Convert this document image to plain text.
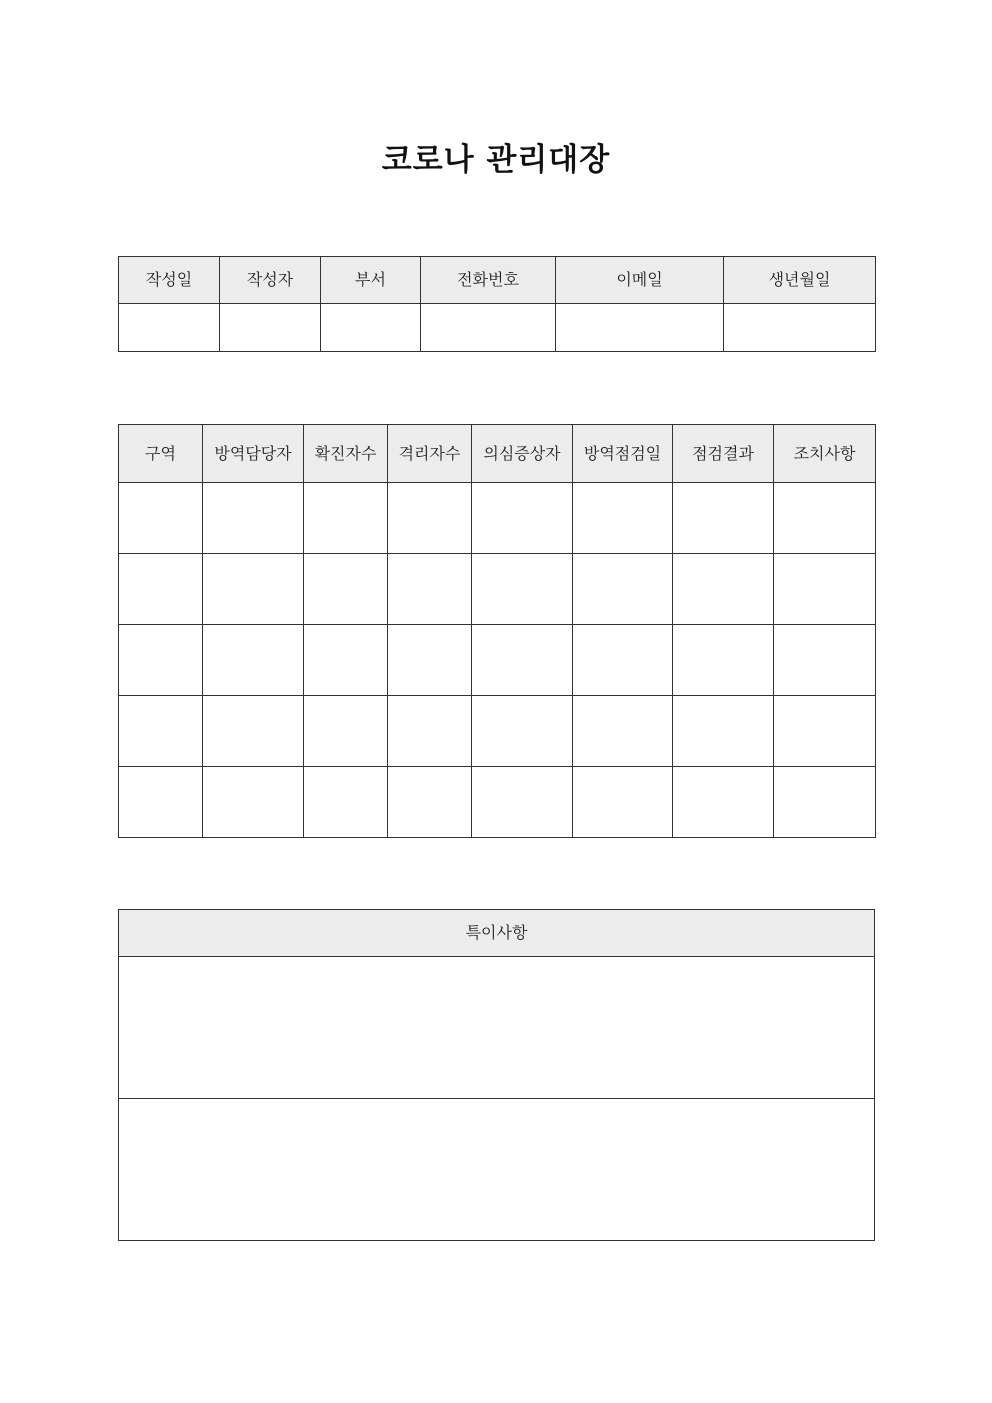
코로나 관리대장
작성일	작성자	부서	전화번호	이메일	생년월일

구역	방역담당자	확진자수	격리자수	의심증상자	방역점검일	점검결과	조치사항

특이사항
